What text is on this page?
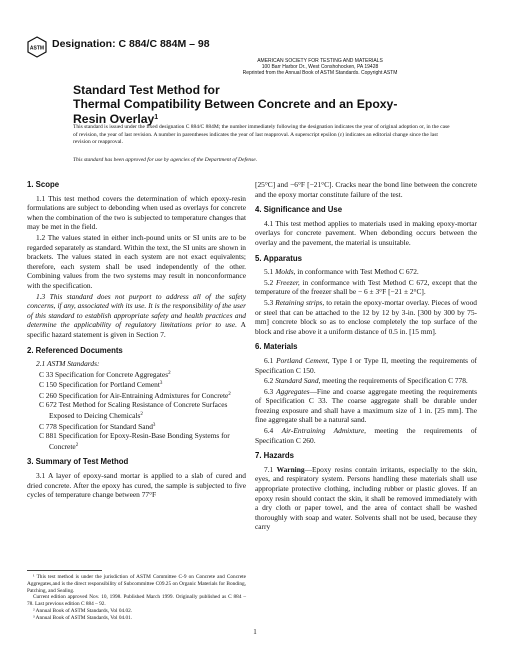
ASTM Designation: C 884/C 884M – 98
AMERICAN SOCIETY FOR TESTING AND MATERIALS
100 Barr Harbor Dr., West Conshohocken, PA 19428
Reprinted from the Annual Book of ASTM Standards. Copyright ASTM
Standard Test Method for
Thermal Compatibility Between Concrete and an Epoxy-
Resin Overlay$^1$
This standard is issued under the fixed designation C 884/C 884M; the number immediately following the designation indicates the year of original adoption or, in the case of revision, the year of last revision. A number in parentheses indicates the year of last reapproval. A superscript epsilon (ε) indicates an editorial change since the last revision or reapproval.
This standard has been approved for use by agencies of the Department of Defense.
1. Scope
1.1 This test method covers the determination of which epoxy-resin formulations are subject to debonding when used as overlays for concrete when the combination of the two is subjected to temperature changes that may be met in the field.
1.2 The values stated in either inch-pound units or SI units are to be regarded separately as standard. Within the text, the SI units are shown in brackets. The values stated in each system are not exact equivalents; therefore, each system shall be used independently of the other. Combining values from the two systems may result in nonconformance with the specification.
1.3 This standard does not purport to address all of the safety concerns, if any, associated with its use. It is the responsibility of the user of this standard to establish appropriate safety and health practices and determine the applicability of regulatory limitations prior to use. A specific hazard statement is given in Section 7.
2. Referenced Documents
2.1 ASTM Standards:
C 33 Specification for Concrete Aggregates$^2$
C 150 Specification for Portland Cement$^3$
C 260 Specification for Air-Entraining Admixtures for Concrete$^2$
C 672 Test Method for Scaling Resistance of Concrete Surfaces Exposed to Deicing Chemicals$^2$
C 778 Specification for Standard Sand$^3$
C 881 Specification for Epoxy-Resin-Base Bonding Systems for Concrete$^2$
3. Summary of Test Method
3.1 A layer of epoxy-sand mortar is applied to a slab of cured and dried concrete. After the epoxy has cured, the sample is subjected to five cycles of temperature change between 77°F
[25°C] and −6°F [−21°C]. Cracks near the bond line between the concrete and the epoxy mortar constitute failure of the test.
4. Significance and Use
4.1 This test method applies to materials used in making epoxy-mortar overlays for concrete pavement. When debonding occurs between the overlay and the pavement, the material is unsuitable.
5. Apparatus
5.1 Molds, in conformance with Test Method C 672.
5.2 Freezer, in conformance with Test Method C 672, except that the temperature of the freezer shall be − 6 ± 3°F [−21 ± 2°C].
5.3 Retaining strips, to retain the epoxy-mortar overlay. Pieces of wood or steel that can be attached to the 12 by 12 by 3-in. [300 by 300 by 75-mm] concrete block so as to enclose completely the top surface of the block and rise above it a uniform distance of 0.5 in. [15 mm].
6. Materials
6.1 Portland Cement, Type I or Type II, meeting the requirements of Specification C 150.
6.2 Standard Sand, meeting the requirements of Specification C 778.
6.3 Aggregates—Fine and coarse aggregate meeting the requirements of Specification C 33. The coarse aggregate shall be durable under freezing exposure and shall have a maximum size of 1 in. [25 mm]. The fine aggregate shall be a natural sand.
6.4 Air-Entraining Admixture, meeting the requirements of Specification C 260.
7. Hazards
7.1 Warning—Epoxy resins contain irritants, especially to the skin, eyes, and respiratory system. Persons handling these materials shall use appropriate protective clothing, including rubber or plastic gloves. If an epoxy resin should contact the skin, it shall be removed immediately with a dry cloth or paper towel, and the area of contact shall be washed thoroughly with soap and water. Solvents shall not be used, because they carry
¹ This test method is under the jurisdiction of ASTM Committee C-9 on Concrete and Concrete Aggregates,and is the direct responsibility of Subcommittee C09.25 on Organic Materials for Bonding, Patching, and Sealing.
Current edition approved Nov. 10, 1998. Published March 1999. Originally published as C 884 – 78. Last previous edition C 884 – 92.
² Annual Book of ASTM Standards, Vol 04.02.
³ Annual Book of ASTM Standards, Vol 04.01.
1
